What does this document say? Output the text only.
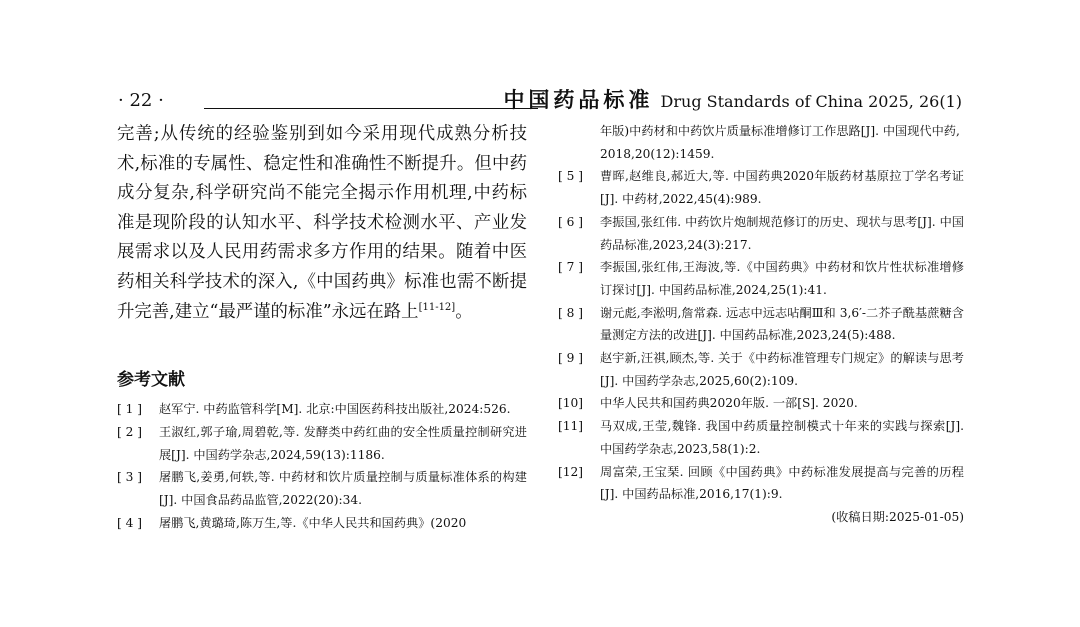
· 22 ·	中国药品标准 Drug Standards of China 2025, 26(1)

完善;从传统的经验鉴别到如今采用现代成熟分析技术,标准的专属性、稳定性和准确性不断提升。但中药成分复杂,科学研究尚不能完全揭示作用机理,中药标准是现阶段的认知水平、科学技术检测水平、产业发展需求以及人民用药需求多方作用的结果。随着中医药相关科学技术的深入,《中国药典》标准也需不断提升完善,建立“最严谨的标准”永远在路上[11-12]。

参考文献
[ 1 ]	赵军宁. 中药监管科学[M]. 北京:中国医药科技出版社,2024:526.
[ 2 ]	王淑红,郭子瑜,周碧乾,等. 发酵类中药红曲的安全性质量控制研究进展[J]. 中国药学杂志,2024,59(13):1186.
[ 3 ]	屠鹏飞,姜勇,何轶,等. 中药材和饮片质量控制与质量标准体系的构建[J]. 中国食品药品监管,2022(20):34.
[ 4 ]	屠鹏飞,黄璐琦,陈万生,等.《中华人民共和国药典》(2020
年版)中药材和中药饮片质量标准增修订工作思路[J]. 中国现代中药,2018,20(12):1459.
[ 5 ]	曹晖,赵维良,郝近大,等. 中国药典2020年版药材基原拉丁学名考证[J]. 中药材,2022,45(4):989.
[ 6 ]	李振国,张红伟. 中药饮片炮制规范修订的历史、现状与思考[J]. 中国药品标准,2023,24(3):217.
[ 7 ]	李振国,张红伟,王海波,等.《中国药典》中药材和饮片性状标准增修订探讨[J]. 中国药品标准,2024,25(1):41.
[ 8 ]	谢元彪,李淞明,詹常森. 远志中远志呫酮Ⅲ和 3,6′-二芥子酰基蔗糖含量测定方法的改进[J]. 中国药品标准,2023,24(5):488.
[ 9 ]	赵宇新,汪祺,顾杰,等. 关于《中药标准管理专门规定》的解读与思考[J]. 中国药学杂志,2025,60(2):109.
[10]	中华人民共和国药典2020年版. 一部[S]. 2020.
[11]	马双成,王莹,魏锋. 我国中药质量控制模式十年来的实践与探索[J]. 中国药学杂志,2023,58(1):2.
[12]	周富荣,王宝琹. 回顾《中国药典》中药标准发展提高与完善的历程[J]. 中国药品标准,2016,17(1):9.
(收稿日期:2025-01-05)
